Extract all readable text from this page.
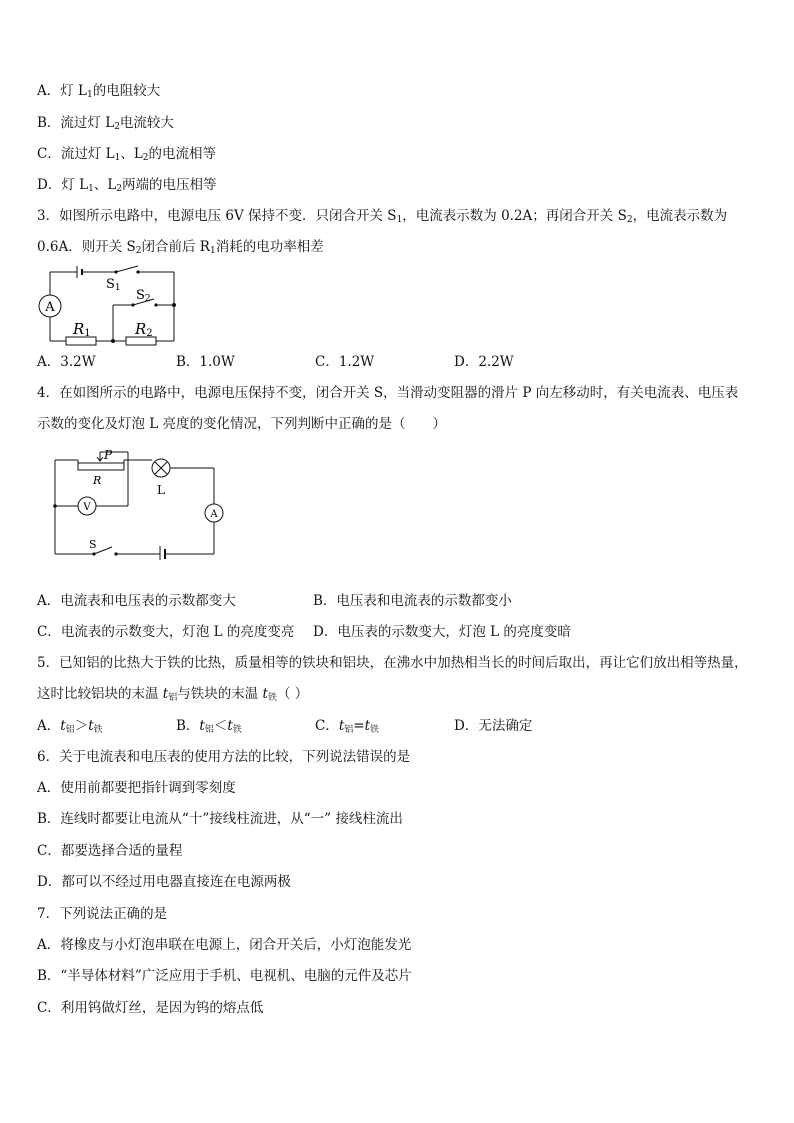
A．灯 $L_1$的电阻较大
B．流过灯 $L_2$电流较大
C．流过灯 $L_1$、$L_2$的电流相等
D．灯 $L_1$、$L_2$两端的电压相等
3．如图所示电路中，电源电压 6V 保持不变．只闭合开关 $S_1$，电流表示数为 0.2A；再闭合开关 $S_2$，电流表示数为
0.6A．则开关 $S_2$闭合前后 $R_1$消耗的电功率相差
A
S1 S2
R1	R2
A．3.2W	B．1.0W	C．1.2W	D．2.2W
4．在如图所示的电路中，电源电压保持不变，闭合开关 S，当滑动变阻器的滑片 P 向左移动时，有关电流表、电压表
示数的变化及灯泡 L 亮度的变化情况，下列判断中正确的是（　　）
P
R
V
L
A
S
A．电流表和电压表的示数都变大	B．电压表和电流表的示数都变小
C．电流表的示数变大，灯泡 L 的亮度变亮 D．电压表的示数变大，灯泡 L 的亮度变暗
5．已知铝的比热大于铁的比热，质量相等的铁块和铝块，在沸水中加热相当长的时间后取出，再让它们放出相等热量，
这时比较铝块的末温 $t_铝$与铁块的末温 $t_铁$（ ）
A．$t_铝>t_铁$	B．$t_铝<t_铁$	C．$t_铝=t_铁$	D．无法确定
6．关于电流表和电压表的使用方法的比较，下列说法错误的是
A．使用前都要把指针调到零刻度
B．连线时都要让电流从“十”接线柱流进，从“一” 接线柱流出
C．都要选择合适的量程
D．都可以不经过用电器直接连在电源两极
7．下列说法正确的是
A．将橡皮与小灯泡串联在电源上，闭合开关后，小灯泡能发光
B．“半导体材料”广泛应用于手机、电视机、电脑的元件及芯片
C．利用钨做灯丝，是因为钨的熔点低
